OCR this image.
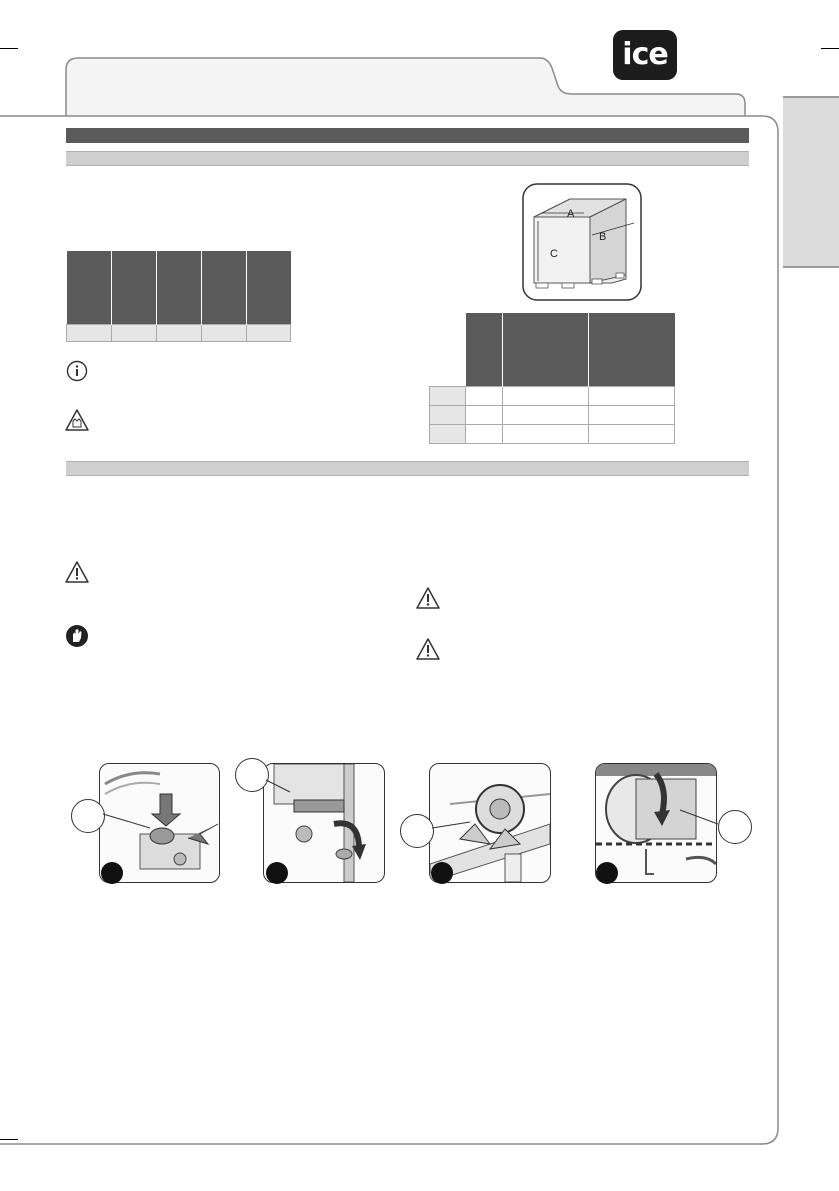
ice

A
B
C
